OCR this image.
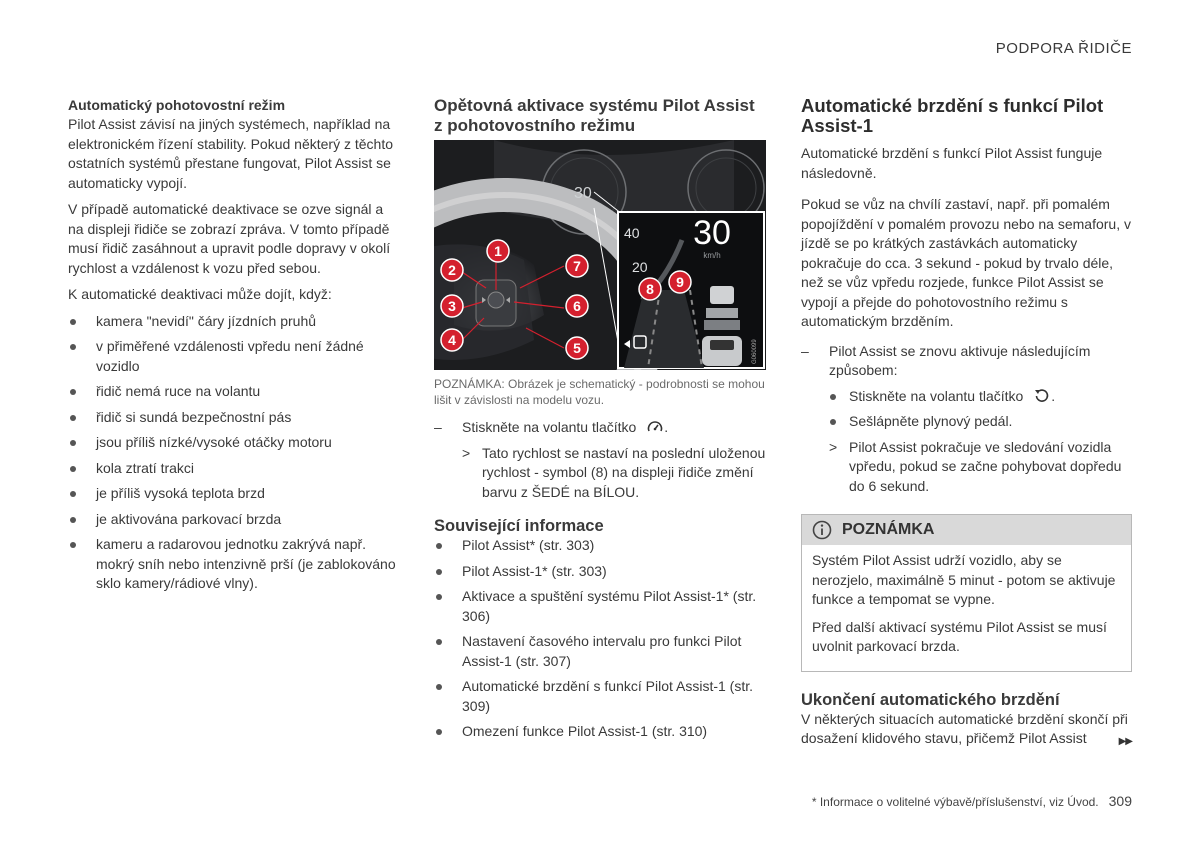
PODPORA ŘIDIČE
Automatický pohotovostní režim

Pilot Assist závisí na jiných systémech, například na elektronickém řízení stability. Pokud některý z těchto ostatních systémů přestane fungovat, Pilot Assist se automaticky vypojí.

V případě automatické deaktivace se ozve signál a na displeji řidiče se zobrazí zpráva. V tomto případě musí řidič zasáhnout a upravit podle dopravy v okolí rychlost a vzdálenost k vozu před sebou.

K automatické deaktivaci může dojít, když:

kamera "nevidí" čáry jízdních pruhů
v přiměřené vzdálenosti vpředu není žádné vozidlo
řidič nemá ruce na volantu
řidič si sundá bezpečnostní pás
jsou příliš nízké/vysoké otáčky motoru
kola ztratí trakci
je příliš vysoká teplota brzd
je aktivována parkovací brzda
kameru a radarovou jednotku zakrývá např. mokrý sníh nebo intenzivně prší (je zablokováno sklo kamery/rádiové vlny).
Opětovná aktivace systému Pilot Assist z pohotovostního režimu
30
30
km/h
40
20
G060099
1
2
3
4	5
6
7
8 9
POZNÁMKA: Obrázek je schematický - podrobnosti se mohou lišit v závislosti na modelu vozu.
– Stiskněte na volantu tlačítko .
> Tato rychlost se nastaví na poslední uloženou rychlost - symbol (8) na displeji řidiče změní barvu z ŠEDÉ na BÍLOU.
Související informace
Pilot Assist* (str. 303)
Pilot Assist-1* (str. 303)
Aktivace a spuštění systému Pilot Assist-1* (str. 306)
Nastavení časového intervalu pro funkci Pilot Assist-1 (str. 307)
Automatické brzdění s funkcí Pilot Assist-1 (str. 309)
Omezení funkce Pilot Assist-1 (str. 310)
Automatické brzdění s funkcí Pilot Assist-1

Automatické brzdění s funkcí Pilot Assist funguje následovně.

Pokud se vůz na chvílí zastaví, např. při pomalém popojíždění v pomalém provozu nebo na semaforu, v jízdě se po krátkých zastávkách automaticky pokračuje do cca. 3 sekund - pokud by trvalo déle, než se vůz vpředu rozjede, funkce Pilot Assist se vypojí a přejde do pohotovostního režimu s automatickým brzděním.

– Pilot Assist se znovu aktivuje následujícím způsobem:
Stiskněte na volantu tlačítko .
Sešlápněte plynový pedál.
> Pilot Assist pokračuje ve sledování vozidla vpředu, pokud se začne pohybovat dopředu do 6 sekund.
POZNÁMKA

Systém Pilot Assist udrží vozidlo, aby se nerozjelo, maximálně 5 minut - potom se aktivuje funkce a tempomat se vypne.

Před další aktivací systému Pilot Assist se musí uvolnit parkovací brzda.

Ukončení automatického brzdění

V některých situacích automatické brzdění skončí při dosažení klidového stavu, přičemž Pilot Assist	▶▶
* Informace o volitelné výbavě/příslušenství, viz Úvod. 309
